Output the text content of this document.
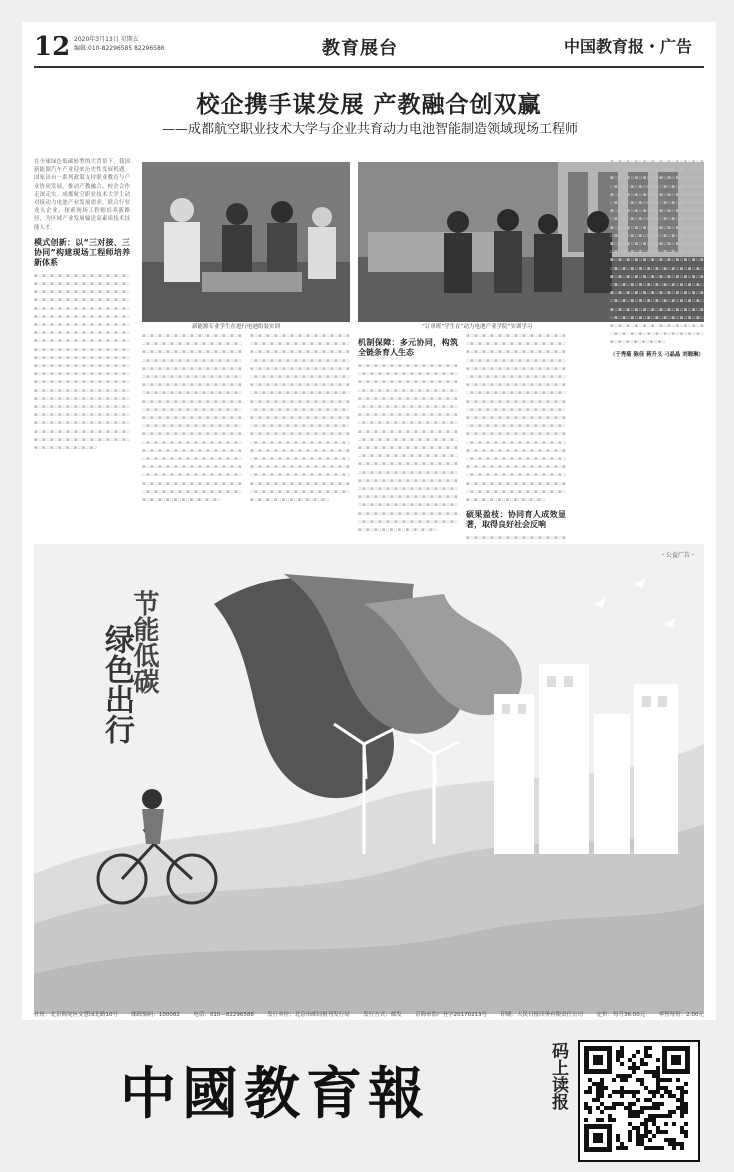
12 2020年3月13日 星期五
编辑:010-82296585 82296586	教育展台	中国教育报・广告
校企携手谋发展 产教融合创双赢
——成都航空职业技术大学与企业共育动力电池智能制造领域现场工程师
在全球绿色低碳转型的大背景下，我国新能源汽车产业迎来历史性发展机遇。国家出台一系列政策支持职业教育与产业协同发展，推动产教融合、校企合作走深走实。成都航空职业技术大学主动对接动力电池产业发展需求，联合行业龙头企业，探索现场工程师培养新路径，为区域产业发展输送高素质技术技能人才。
模式创新：以“三对接、三协同”构建现场工程师培养新体系
▪▫▪▫▪▫▪▫▪▫▪▫▪▫▪▫▪▫▪▫▪▫▪▫▪▫▪▫▪▫▪▫▪▫▪▫▪▫▪▫▪▫▪▫▪▫▪▫▪▫▪▫▪▫▪▫▪▫▪▫▪▫▪▫▪▫▪▫▪▫▪▫▪▫▪▫▪▫▪▫▪▫▪▫▪▫▪▫▪▫▪▫▪▫▪▫▪▫▪▫▪▫▪▫▪▫▪▫▪▫▪▫▪▫▪▫▪▫▪▫▪▫▪▫▪▫▪▫▪▫▪▫▪▫▪▫▪▫▪▫▪▫▪▫▪▫▪▫▪▫▪▫▪▫▪▫▪▫▪▫▪▫▪▫▪▫▪▫▪▫▪▫▪▫▪▫▪▫▪▫▪▫▪▫▪▫▪▫▪▫▪▫▪▫▪▫▪▫▪▫▪▫▪▫▪▫▪▫▪▫▪▫▪▫▪▫▪▫▪▫▪▫▪▫▪▫▪▫▪▫▪▫▪▫▪▫▪▫▪▫▪▫▪▫▪▫▪▫▪▫▪▫▪▫▪▫▪▫▪▫▪▫▪▫▪▫▪▫▪▫▪▫▪▫▪▫▪▫▪▫▪▫▪▫▪▫▪▫▪▫▪▫▪▫▪▫▪▫▪▫▪▫▪▫▪▫▪▫▪▫▪▫▪▫▪▫▪▫▪▫▪▫▪▫▪▫▪▫▪▫▪▫▪▫▪▫▪▫▪▫▪▫▪▫▪▫▪▫▪▫▪▫▪▫▪▫▪▫▪▫▪▫▪▫▪▫▪▫▪▫▪▫▪▫▪▫▪▫▪▫▪▫▪▫▪▫▪▫▪▫▪▫▪▫▪▫▪▫▪▫▪▫▪▫▪▫▪▫▪▫▪▫▪▫▪▫▪▫▪▫▪▫▪▫▪▫▪▫▪▫▪▫▪▫▪▫▪▫▪▫▪▫▪▫▪▫▪▫▪▫▪▫▪▫▪▫▪▫▪▫▪▫▪▫▪▫▪▫▪▫▪▫▪▫▪▫▪▫▪▫▪▫▪▫▪▫▪▫▪▫▪▫▪▫▪▫▪▫▪▫▪▫▪▫▪▫▪▫▪▫▪▫▪▫▪▫▪▫▪▫
新能源专业学生在进行电池组装实训	“订单班”学生在“动力电池产业学院”实训学习
▪▫▪▫▪▫▪▫▪▫▪▫▪▫▪▫▪▫▪▫▪▫▪▫▪▫▪▫▪▫▪▫▪▫▪▫▪▫▪▫▪▫▪▫▪▫▪▫▪▫▪▫▪▫▪▫▪▫▪▫▪▫▪▫▪▫▪▫▪▫▪▫▪▫▪▫▪▫▪▫▪▫▪▫▪▫▪▫▪▫▪▫▪▫▪▫▪▫▪▫▪▫▪▫▪▫▪▫▪▫▪▫▪▫▪▫▪▫▪▫▪▫▪▫▪▫▪▫▪▫▪▫▪▫▪▫▪▫▪▫▪▫▪▫▪▫▪▫▪▫▪▫▪▫▪▫▪▫▪▫▪▫▪▫▪▫▪▫▪▫▪▫▪▫▪▫▪▫▪▫▪▫▪▫▪▫▪▫▪▫▪▫▪▫▪▫▪▫▪▫▪▫▪▫▪▫▪▫▪▫▪▫▪▫▪▫▪▫▪▫▪▫▪▫▪▫▪▫▪▫▪▫▪▫▪▫▪▫▪▫▪▫▪▫▪▫▪▫▪▫▪▫▪▫▪▫▪▫▪▫▪▫▪▫▪▫▪▫▪▫▪▫▪▫▪▫▪▫▪▫▪▫▪▫▪▫▪▫▪▫▪▫▪▫▪▫▪▫▪▫▪▫▪▫▪▫▪▫▪▫▪▫▪▫▪▫▪▫▪▫▪▫▪▫▪▫▪▫▪▫▪▫▪▫▪▫▪▫▪▫▪▫▪▫▪▫▪▫▪▫▪▫▪▫▪▫▪▫▪▫▪▫▪▫▪▫▪▫▪▫▪▫▪▫▪▫▪▫▪▫▪▫▪▫▪▫▪▫▪▫▪▫▪▫▪▫▪▫▪▫▪▫▪▫▪▫▪▫▪▫▪▫▪▫▪▫▪▫▪▫▪▫▪▫▪▫▪▫▪▫▪▫▪▫▪▫▪▫▪▫▪▫▪▫▪▫▪▫▪▫▪▫▪▫▪▫▪▫▪▫▪▫▪▫▪▫▪▫▪▫▪▫▪▫▪▫▪▫▪▫▪▫▪▫▪▫▪▫▪▫▪▫▪▫▪▫▪▫▪▫▪▫▪▫▪▫▪▫▪▫▪▫▪▫▪▫▪▫▪▫
▪▫▪▫▪▫▪▫▪▫▪▫▪▫▪▫▪▫▪▫▪▫▪▫▪▫▪▫▪▫▪▫▪▫▪▫▪▫▪▫▪▫▪▫▪▫▪▫▪▫▪▫▪▫▪▫▪▫▪▫▪▫▪▫▪▫▪▫▪▫▪▫▪▫▪▫▪▫▪▫▪▫▪▫▪▫▪▫▪▫▪▫▪▫▪▫▪▫▪▫▪▫▪▫▪▫▪▫▪▫▪▫▪▫▪▫▪▫▪▫▪▫▪▫▪▫▪▫▪▫▪▫▪▫▪▫▪▫▪▫▪▫▪▫▪▫▪▫▪▫▪▫▪▫▪▫▪▫▪▫▪▫▪▫▪▫▪▫▪▫▪▫▪▫▪▫▪▫▪▫▪▫▪▫▪▫▪▫▪▫▪▫▪▫▪▫▪▫▪▫▪▫▪▫▪▫▪▫▪▫▪▫▪▫▪▫▪▫▪▫▪▫▪▫▪▫▪▫▪▫▪▫▪▫▪▫▪▫▪▫▪▫▪▫▪▫▪▫▪▫▪▫▪▫▪▫▪▫▪▫▪▫▪▫▪▫▪▫▪▫▪▫▪▫▪▫▪▫▪▫▪▫▪▫▪▫▪▫▪▫▪▫▪▫▪▫▪▫▪▫▪▫▪▫▪▫▪▫▪▫▪▫▪▫▪▫▪▫▪▫▪▫▪▫▪▫▪▫▪▫▪▫▪▫▪▫▪▫▪▫▪▫▪▫▪▫▪▫▪▫▪▫▪▫▪▫▪▫▪▫▪▫▪▫▪▫▪▫▪▫▪▫▪▫▪▫▪▫▪▫▪▫▪▫▪▫▪▫▪▫▪▫▪▫▪▫▪▫▪▫▪▫▪▫▪▫▪▫▪▫▪▫▪▫▪▫▪▫▪▫▪▫▪▫▪▫▪▫▪▫▪▫▪▫▪▫▪▫▪▫▪▫▪▫▪▫▪▫▪▫▪▫▪▫▪▫▪▫▪▫▪▫▪▫▪▫▪▫▪▫▪▫▪▫▪▫▪▫▪▫▪▫▪▫▪▫▪▫▪▫▪▫▪▫▪▫▪▫▪▫▪▫▪▫▪▫▪▫▪▫▪▫▪▫▪▫▪▫▪▫
机制保障：多元协同，构筑全链条育人生态
▪▫▪▫▪▫▪▫▪▫▪▫▪▫▪▫▪▫▪▫▪▫▪▫▪▫▪▫▪▫▪▫▪▫▪▫▪▫▪▫▪▫▪▫▪▫▪▫▪▫▪▫▪▫▪▫▪▫▪▫▪▫▪▫▪▫▪▫▪▫▪▫▪▫▪▫▪▫▪▫▪▫▪▫▪▫▪▫▪▫▪▫▪▫▪▫▪▫▪▫▪▫▪▫▪▫▪▫▪▫▪▫▪▫▪▫▪▫▪▫▪▫▪▫▪▫▪▫▪▫▪▫▪▫▪▫▪▫▪▫▪▫▪▫▪▫▪▫▪▫▪▫▪▫▪▫▪▫▪▫▪▫▪▫▪▫▪▫▪▫▪▫▪▫▪▫▪▫▪▫▪▫▪▫▪▫▪▫▪▫▪▫▪▫▪▫▪▫▪▫▪▫▪▫▪▫▪▫▪▫▪▫▪▫▪▫▪▫▪▫▪▫▪▫▪▫▪▫▪▫▪▫▪▫▪▫▪▫▪▫▪▫▪▫▪▫▪▫▪▫▪▫▪▫▪▫▪▫▪▫▪▫▪▫▪▫▪▫▪▫▪▫▪▫▪▫▪▫▪▫▪▫▪▫▪▫▪▫▪▫▪▫▪▫▪▫▪▫▪▫▪▫▪▫▪▫▪▫▪▫▪▫▪▫▪▫▪▫▪▫▪▫▪▫▪▫▪▫▪▫▪▫▪▫▪▫▪▫▪▫▪▫▪▫▪▫▪▫▪▫▪▫▪▫▪▫▪▫▪▫▪▫▪▫▪▫▪▫▪▫▪▫▪▫▪▫▪▫▪▫▪▫▪▫▪▫▪▫▪▫▪▫▪▫▪▫▪▫▪▫▪▫▪▫▪▫▪▫▪▫▪▫▪▫▪▫▪▫▪▫▪▫▪▫▪▫▪▫▪▫▪▫▪▫▪▫▪▫▪▫▪▫▪▫▪▫▪▫▪▫▪▫▪▫▪▫▪▫▪▫▪▫▪▫▪▫▪▫▪▫▪▫▪▫▪▫▪▫▪▫▪▫▪▫▪▫▪▫▪▫▪▫▪▫▪▫▪▫▪▫▪▫▪▫▪▫▪▫▪▫▪▫▪▫▪▫▪▫▪▫
▪▫▪▫▪▫▪▫▪▫▪▫▪▫▪▫▪▫▪▫▪▫▪▫▪▫▪▫▪▫▪▫▪▫▪▫▪▫▪▫▪▫▪▫▪▫▪▫▪▫▪▫▪▫▪▫▪▫▪▫▪▫▪▫▪▫▪▫▪▫▪▫▪▫▪▫▪▫▪▫▪▫▪▫▪▫▪▫▪▫▪▫▪▫▪▫▪▫▪▫▪▫▪▫▪▫▪▫▪▫▪▫▪▫▪▫▪▫▪▫▪▫▪▫▪▫▪▫▪▫▪▫▪▫▪▫▪▫▪▫▪▫▪▫▪▫▪▫▪▫▪▫▪▫▪▫▪▫▪▫▪▫▪▫▪▫▪▫▪▫▪▫▪▫▪▫▪▫▪▫▪▫▪▫▪▫▪▫▪▫▪▫▪▫▪▫▪▫▪▫▪▫▪▫▪▫▪▫▪▫▪▫▪▫▪▫▪▫▪▫▪▫▪▫▪▫▪▫▪▫▪▫▪▫▪▫▪▫▪▫▪▫▪▫▪▫▪▫▪▫▪▫▪▫▪▫▪▫▪▫▪▫▪▫▪▫▪▫▪▫▪▫▪▫▪▫▪▫▪▫▪▫▪▫▪▫▪▫▪▫▪▫▪▫▪▫▪▫▪▫▪▫▪▫▪▫▪▫▪▫▪▫▪▫▪▫▪▫▪▫▪▫▪▫▪▫▪▫▪▫▪▫▪▫▪▫▪▫▪▫▪▫▪▫▪▫▪▫▪▫▪▫▪▫▪▫▪▫▪▫▪▫▪▫▪▫▪▫▪▫▪▫▪▫▪▫▪▫▪▫▪▫▪▫▪▫▪▫▪▫▪▫▪▫▪▫▪▫▪▫▪▫▪▫▪▫▪▫▪▫▪▫▪▫▪▫▪▫▪▫▪▫▪▫▪▫▪▫▪▫▪▫▪▫▪▫▪▫▪▫▪▫▪▫▪▫▪▫▪▫▪▫▪▫▪▫▪▫▪▫▪▫▪▫▪▫▪▫▪▫▪▫▪▫▪▫▪▫▪▫▪▫▪▫▪▫▪▫▪▫▪▫▪▫▪▫▪▫▪▫▪▫▪▫▪▫▪▫▪▫▪▫▪▫▪▫▪▫▪▫
硕果盈枝：协同育人成效显著，取得良好社会反响
▪▫▪▫▪▫▪▫▪▫▪▫▪▫▪▫▪▫▪▫▪▫▪▫▪
▪▫▪▫▪▫▪▫▪▫▪▫▪▫▪▫▪▫▪▫▪▫▪▫▪▫▪▫▪▫▪▫▪▫▪▫▪▫▪▫▪▫▪▫▪▫▪▫▪▫▪▫▪▫▪▫▪▫▪▫▪▫▪▫▪▫▪▫▪▫▪▫▪▫▪▫▪▫▪▫▪▫▪▫▪▫▪▫▪▫▪▫▪▫▪▫▪▫▪▫▪▫▪▫▪▫▪▫▪▫▪▫▪▫▪▫▪▫▪▫▪▫▪▫▪▫▪▫▪▫▪▫▪▫▪▫▪▫▪▫▪▫▪▫▪▫▪▫▪▫▪▫▪▫▪▫▪▫▪▫▪▫▪▫▪▫▪▫▪▫▪▫▪▫▪▫▪▫▪▫▪▫▪▫▪▫▪▫▪▫▪▫▪▫▪▫▪▫▪▫▪▫▪▫▪▫▪▫▪▫▪▫▪▫▪▫▪▫▪▫▪▫▪▫▪▫▪▫▪▫▪▫▪▫▪▫▪▫▪▫▪▫▪▫▪▫▪▫▪▫▪▫▪▫▪▫▪▫▪▫▪▫▪▫▪▫▪▫▪▫▪▫▪▫▪▫▪▫▪▫▪▫▪▫▪▫▪▫▪▫▪▫▪▫▪▫▪▫▪▫▪▫▪▫▪▫▪▫▪▫▪▫▪▫▪▫▪▫▪▫▪▫▪▫▪▫▪▫▪▫▪▫▪▫▪▫▪▫▪▫▪▫▪▫▪▫▪▫▪▫▪▫▪▫▪▫▪▫▪▫▪▫▪▫▪▫▪▫▪▫▪▫▪▫▪▫▪▫▪▫▪▫▪▫▪▫▪▫▪▫▪▫▪▫▪▫▪▫▪▫▪▫▪▫▪▫▪▫▪▫▪▫▪▫▪▫▪▫▪▫▪▫▪▫▪▫▪▫▪▫▪▫▪▫▪▫▪▫▪▫▪▫▪▫▪▫▪▫▪▫▪▫▪▫▪▫▪▫▪▫▪▫▪▫▪▫▪▫▪▫▪▫▪▫▪▫▪▫▪▫▪▫▪▫▪▫▪▫▪▫▪▫▪▫▪▫▪▫▪▫▪▫▪▫▪▫▪▫▪▫▪▫▪▫▪▫▪▫▪▫
（于秀菊 陈佳 蒋升义 刁晶晶 刘晓琳）
节能低碳
绿色出行
・公益广告・
社址：北京海淀区文慧园北路10号 邮政编码：100082 电话：010—82296588 发行单位：北京市邮局报刊发行局 发行方式：邮发 京海市监广登字20170213号 印刷：人民日报印务有限责任公司 定价：每月36.00元 零售每份：2.00元
中國教育報	码上读报
